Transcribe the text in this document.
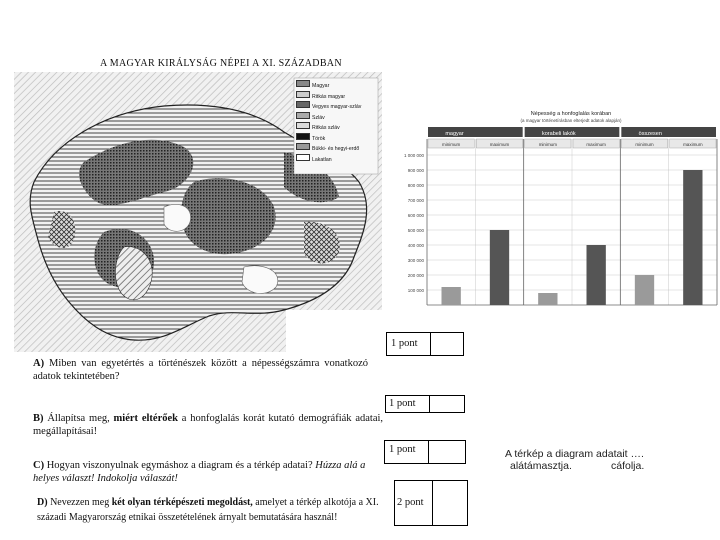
A MAGYAR KIRÁLYSÁG NÉPEI A XI. SZÁZADBAN
Magyar
Ritkás magyar
Vegyes magyar-szláv
Szláv
Ritkás szláv
Török
Bükki- és hegyi-erdő
Lakatlan
Népesség a honfoglalás korában
(a magyar történetírásban elterjedt adatok alapján)
magyar	korabeli lakók	összesen
minimum	maximum	minimum	maximum	minimum	maximum
100 000
200 000
300 000
400 000
500 000
600 000
700 000
800 000
900 000
1 000 000
1 pont
A) Miben van egyetértés a történészek között a népességszámra vonatkozó adatok tekintetében?
1 pont
B) Állapítsa meg, miért eltérőek a honfoglalás korát kutató demográfiák adatai, megállapításai!
1 pont
C) Hogyan viszonyulnak egymáshoz a diagram és a térkép adatai? Húzza alá a helyes választ! Indokolja válaszát!
2 pont
D) Nevezzen meg két olyan térképészeti megoldást, amelyet a térkép alkotója a XI. századi Magyarország etnikai összetételének árnyalt bemutatására használ!
A térkép a diagram adatait ….
alátámasztja.	cáfolja.
